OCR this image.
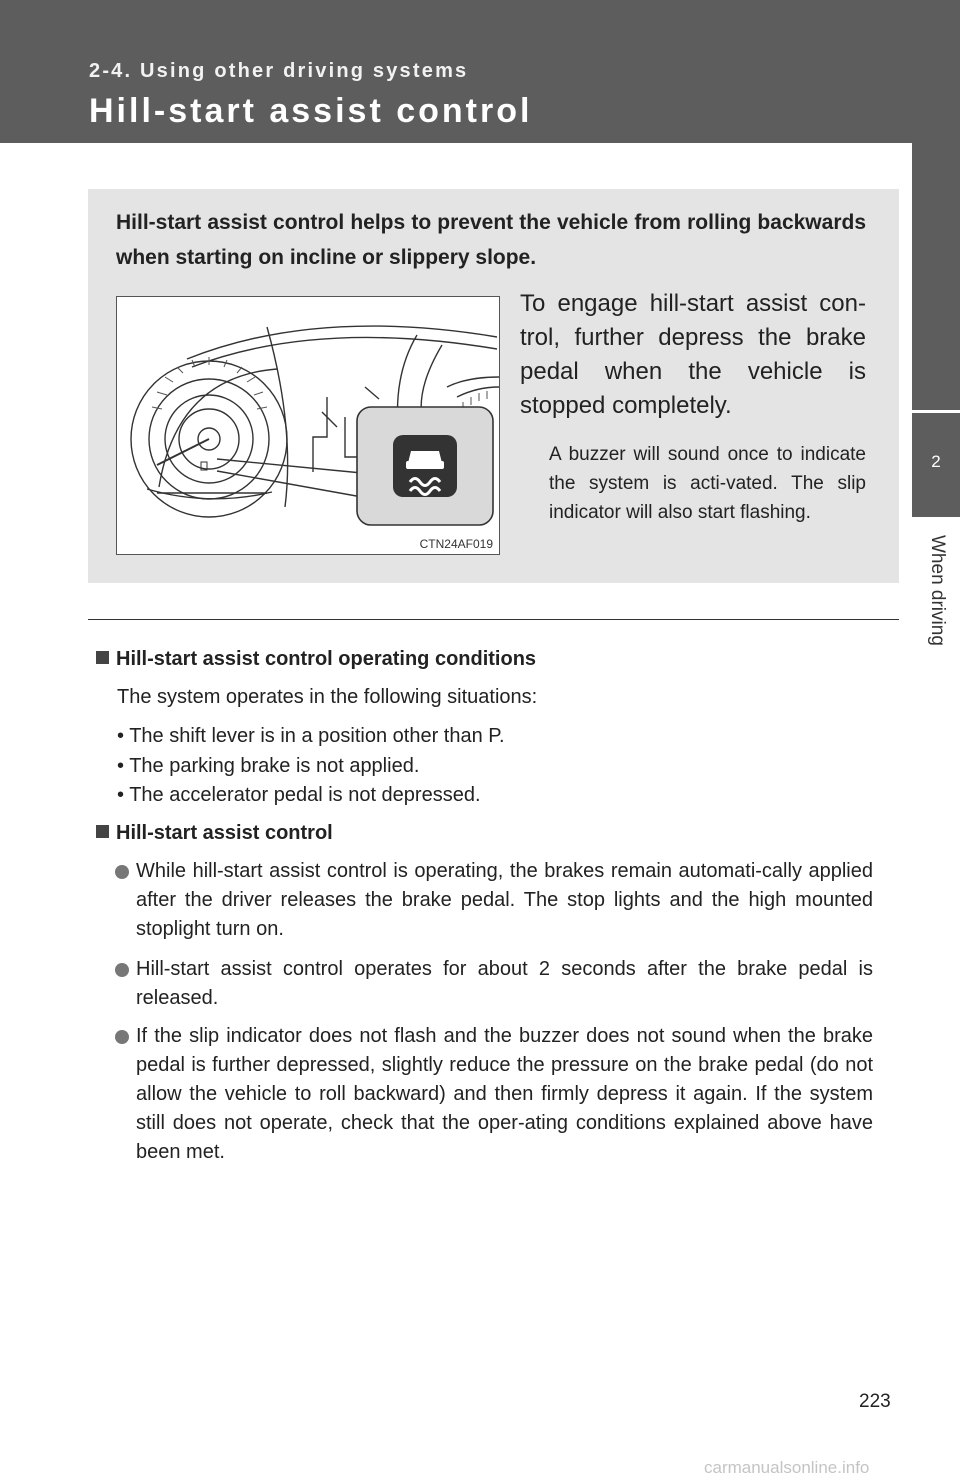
2-4. Using other driving systems
Hill-start assist control
2
When driving
Hill-start assist control helps to prevent the vehicle from rolling backwards when starting on incline or slippery slope.
CTN24AF019
To engage hill-start assist con-trol, further depress the brake pedal when the vehicle is stopped completely.
A buzzer will sound once to indicate the system is acti-vated. The slip indicator will also start flashing.
Hill-start assist control operating conditions
The system operates in the following situations:
• The shift lever is in a position other than P.
• The parking brake is not applied.
• The accelerator pedal is not depressed.
Hill-start assist control
While hill-start assist control is operating, the brakes remain automati-cally applied after the driver releases the brake pedal. The stop lights and the high mounted stoplight turn on.
Hill-start assist control operates for about 2 seconds after the brake pedal is released.
If the slip indicator does not flash and the buzzer does not sound when the brake pedal is further depressed, slightly reduce the pressure on the brake pedal (do not allow the vehicle to roll backward) and then firmly depress it again. If the system still does not operate, check that the oper-ating conditions explained above have been met.
223
carmanualsonline.info
